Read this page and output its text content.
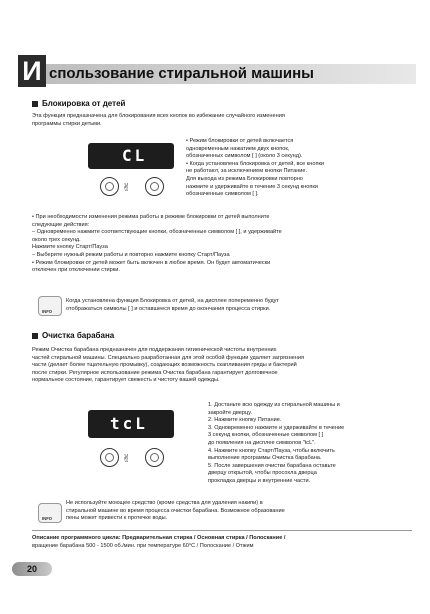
И спользование стиральной машины
Блокировка от детей
Эта функция предназначена для блокирования всех кнопок во избежание случайного изменения
программы стирки детьми.
CL
✌
• Режим блокировки от детей включается
одновременным нажатием двух кнопок,
обозначенных символом [ ] (около 3 секунд).
• Когда установлена блокировка от детей, все кнопки
не работают, за исключением кнопки Питание.
Для выхода из режима Блокировки повторно
нажмите и удерживайте в течение 3 секунд кнопки
обозначенные символом [ ].
• При необходимости изменения режима работы в режиме блокировки от детей выполните
следующие действия:
– Одновременно нажмите соответствующие кнопки, обозначенные символом [ ], и удерживайте
около трех секунд.
Нажмите кнопку Старт/Пауза
– Выберите нужный режим работы и повторно нажмите кнопку Старт/Пауза
• Режим блокировки от детей может быть включен в любое время. Он будет автоматически
отключен при отключении стирки.
INFO
Когда установлена функция Блокировка от детей, на дисплее попеременно будут
отображаться символы [ ] и оставшееся время до окончания процесса стирки.
Очистка барабана
Режим Очистка барабана предназначен для поддержания гигиенической чистоты внутренних
частей стиральной машины. Специально разработанная для этой особой функции удаляет загрязнения
части (делает более тщательную промывку), создающих возможность скапливания гряды и бактерий
после стирки. Регулярное использование режима Очистка барабана гарантирует долговечное
нормальное состояние, гарантирует свежесть и чистоту вашей одежды.
tcL
✌
1. Достаньте всю одежду из стиральной машины и
закройте дверцу.
2. Нажмите кнопку Питание.
3. Одновременно нажмите и удерживайте в течение
3 секунд кнопки, обозначенные символом [ ]
до появления на дисплее символов "tcL".
4. Нажмите кнопку Старт/Пауза, чтобы включить
выполнение программы Очистка барабана.
5. После завершения очистки барабана оставьте
дверцу открытой, чтобы просохла дверца
прокладка дверцы и внутренние части.
INFO
Не используйте моющее средство (кроме средства для удаления накипи) в
стиральной машине во время процесса очистки барабана. Возможное образование
пены может привести к протечке воды.
Описание программного цикла: Предварительная стирка / Основная стирка / Полоскание /
вращение барабана 500 - 1500 об./мин. при температуре 60°C / Полоскание / Отжим
20
